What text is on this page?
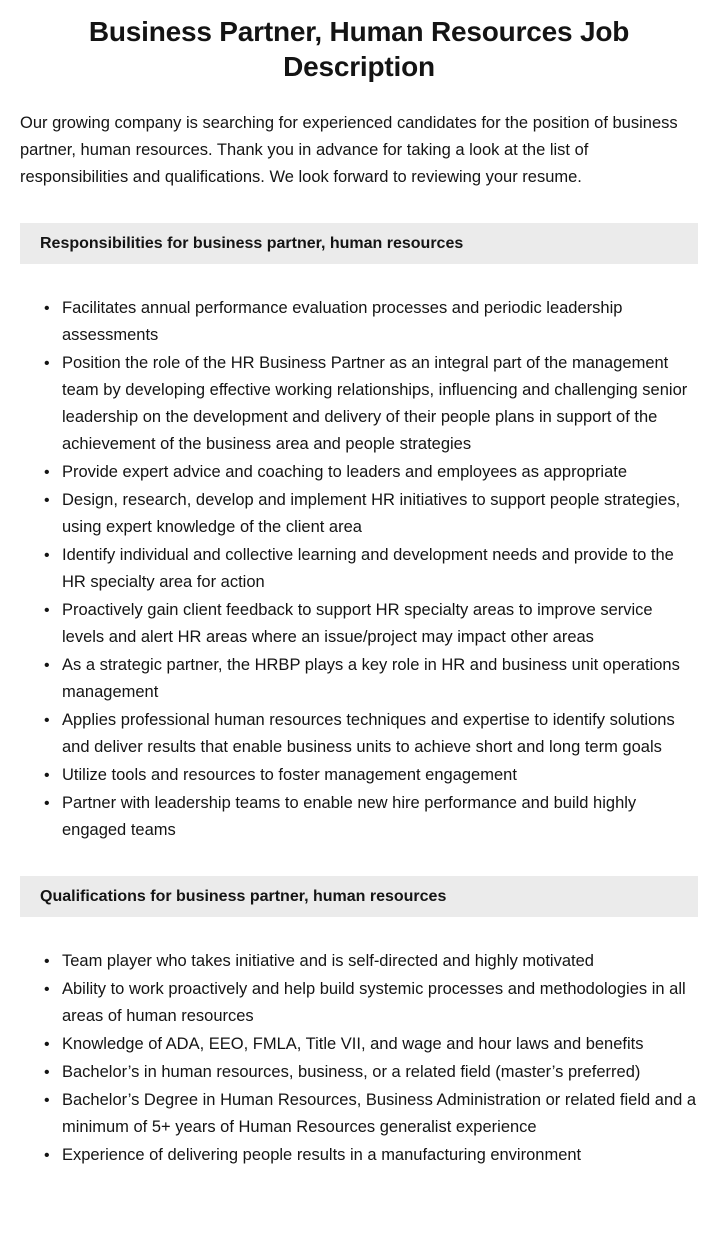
Business Partner, Human Resources Job Description

Our growing company is searching for experienced candidates for the position of business partner, human resources. Thank you in advance for taking a look at the list of responsibilities and qualifications. We look forward to reviewing your resume.

Responsibilities for business partner, human resources
• Facilitates annual performance evaluation processes and periodic leadership assessments
• Position the role of the HR Business Partner as an integral part of the management team by developing effective working relationships, influencing and challenging senior leadership on the development and delivery of their people plans in support of the achievement of the business area and people strategies
• Provide expert advice and coaching to leaders and employees as appropriate
• Design, research, develop and implement HR initiatives to support people strategies, using expert knowledge of the client area
• Identify individual and collective learning and development needs and provide to the HR specialty area for action
• Proactively gain client feedback to support HR specialty areas to improve service levels and alert HR areas where an issue/project may impact other areas
• As a strategic partner, the HRBP plays a key role in HR and business unit operations management
• Applies professional human resources techniques and expertise to identify solutions and deliver results that enable business units to achieve short and long term goals
• Utilize tools and resources to foster management engagement
• Partner with leadership teams to enable new hire performance and build highly engaged teams
Qualifications for business partner, human resources
• Team player who takes initiative and is self-directed and highly motivated
• Ability to work proactively and help build systemic processes and methodologies in all areas of human resources
• Knowledge of ADA, EEO, FMLA, Title VII, and wage and hour laws and benefits
• Bachelor’s in human resources, business, or a related field (master’s preferred)
• Bachelor’s Degree in Human Resources, Business Administration or related field and a minimum of 5+ years of Human Resources generalist experience
• Experience of delivering people results in a manufacturing environment
